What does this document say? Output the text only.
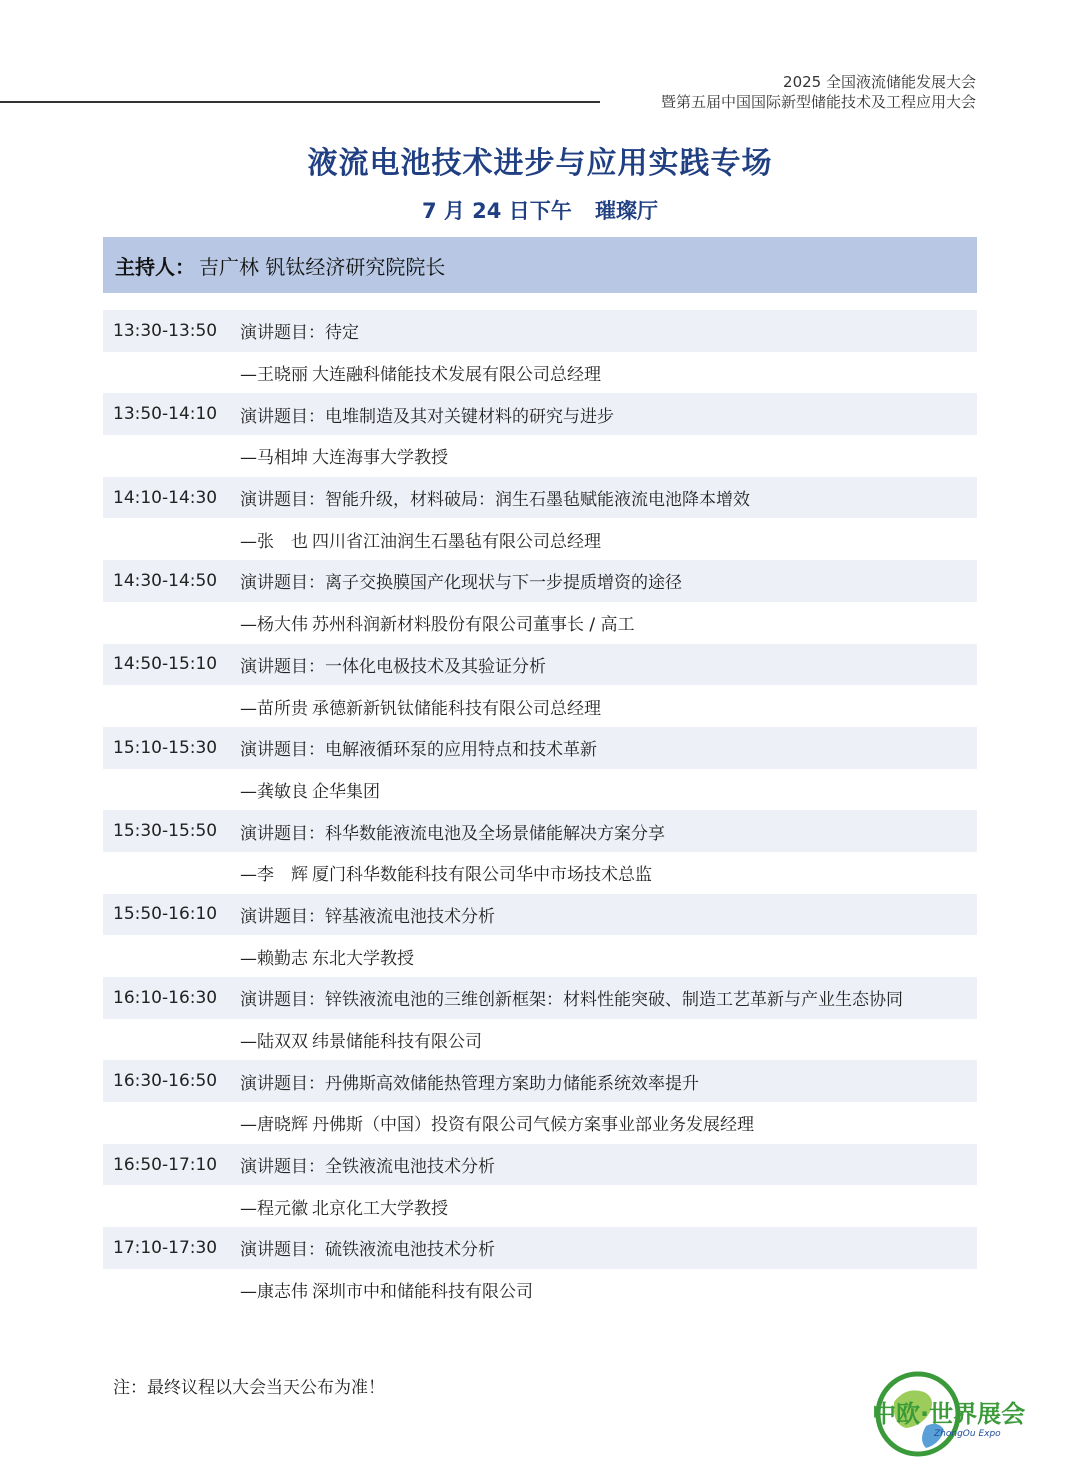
2025 全国液流储能发展大会
暨第五届中国国际新型储能技术及工程应用大会
液流电池技术进步与应用实践专场
7 月 24 日下午 璀璨厅
主持人： 吉广林 钒钛经济研究院院长
13:30-13:50	演讲题目：待定
—王晓丽 大连融科储能技术发展有限公司总经理
13:50-14:10	演讲题目：电堆制造及其对关键材料的研究与进步
—马相坤 大连海事大学教授
14:10-14:30	演讲题目：智能升级，材料破局：润生石墨毡赋能液流电池降本增效
—张　也 四川省江油润生石墨毡有限公司总经理
14:30-14:50	演讲题目：离子交换膜国产化现状与下一步提质增资的途径
—杨大伟 苏州科润新材料股份有限公司董事长 / 高工
14:50-15:10	演讲题目：一体化电极技术及其验证分析
—苗所贵 承德新新钒钛储能科技有限公司总经理
15:10-15:30	演讲题目：电解液循环泵的应用特点和技术革新
—龚敏良 企华集团
15:30-15:50	演讲题目：科华数能液流电池及全场景储能解决方案分享
—李　辉 厦门科华数能科技有限公司华中市场技术总监
15:50-16:10	演讲题目：锌基液流电池技术分析
—赖勤志 东北大学教授
16:10-16:30	演讲题目：锌铁液流电池的三维创新框架：材料性能突破、制造工艺革新与产业生态协同
—陆双双 纬景储能科技有限公司
16:30-16:50	演讲题目：丹佛斯高效储能热管理方案助力储能系统效率提升
—唐晓辉 丹佛斯（中国）投资有限公司气候方案事业部业务发展经理
16:50-17:10	演讲题目：全铁液流电池技术分析
—程元徽 北京化工大学教授
17:10-17:30	演讲题目：硫铁液流电池技术分析
—康志伟 深圳市中和储能科技有限公司
注：最终议程以大会当天公布为准！
中欧·世界展会
ZhongOu Expo
